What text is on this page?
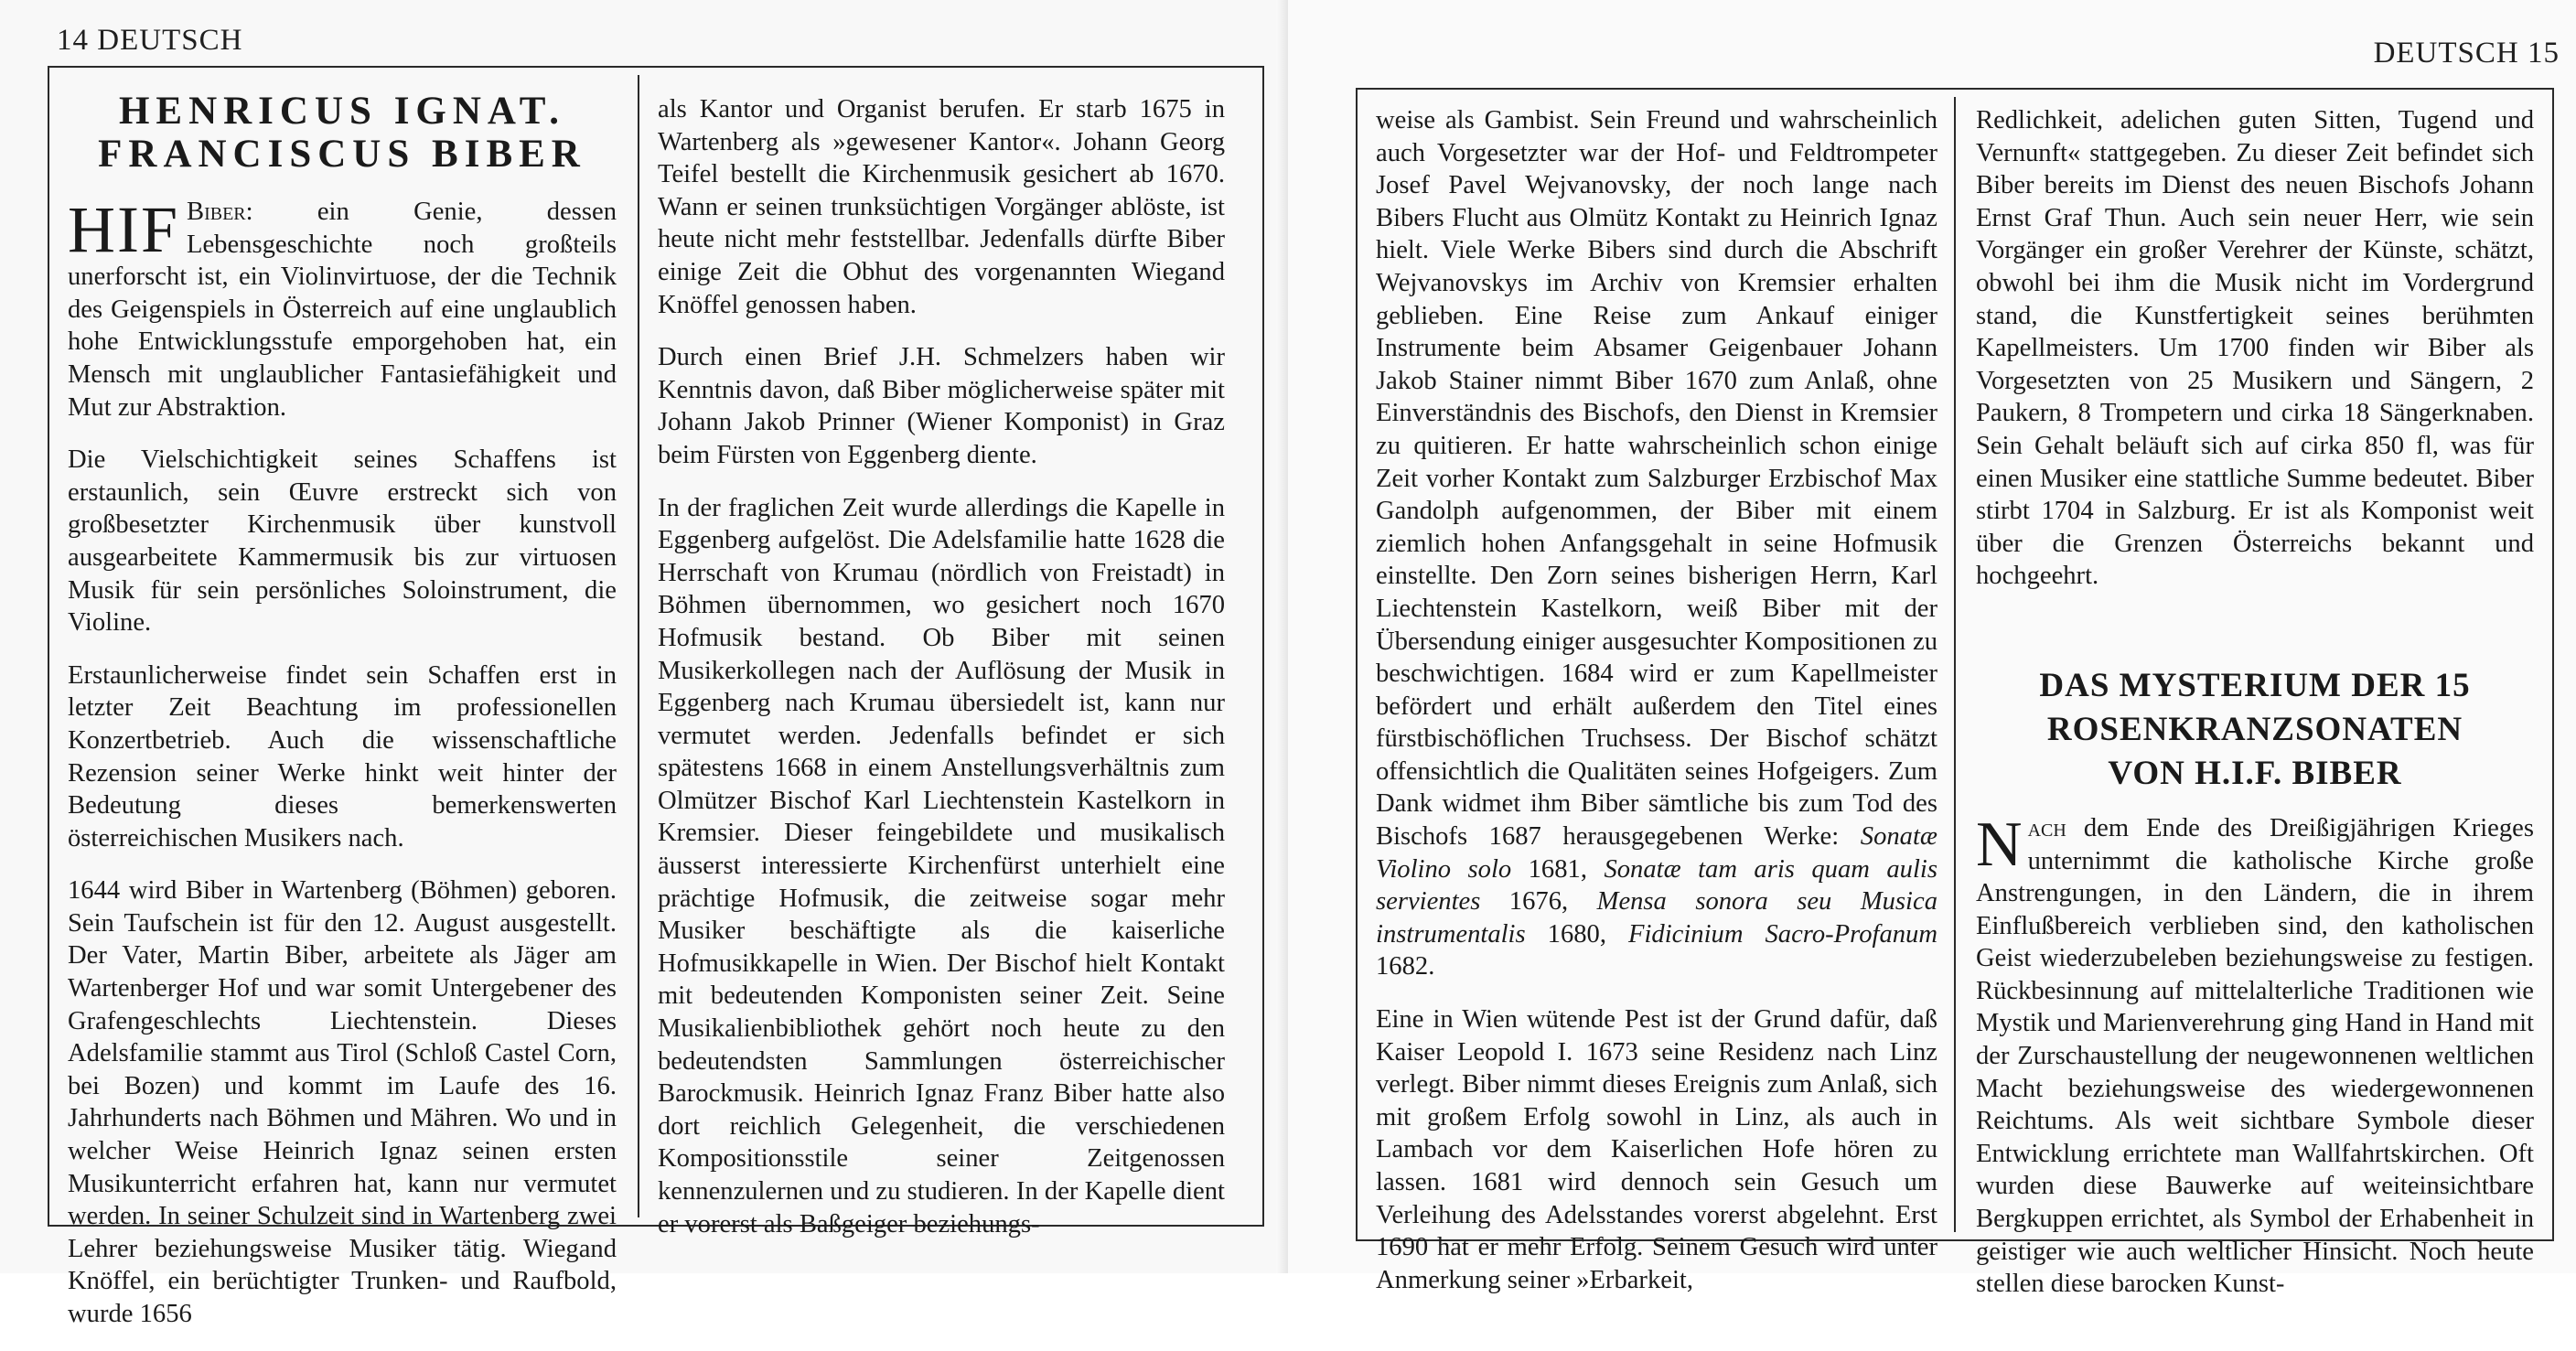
14 DEUTSCH
HENRICUS IGNAT.
FRANCISCUS BIBER

HIF Biber: ein Genie, dessen Lebensgeschichte noch großteils unerforscht ist, ein Violinvirtuose, der die Technik des Geigenspiels in Österreich auf eine unglaublich hohe Entwicklungsstufe emporgehoben hat, ein Mensch mit unglaublicher Fantasiefähigkeit und Mut zur Abstraktion.

Die Vielschichtigkeit seines Schaffens ist erstaunlich, sein Œuvre erstreckt sich von großbesetzter Kirchenmusik über kunstvoll ausgearbeitete Kammermusik bis zur virtuosen Musik für sein persönliches Soloinstrument, die Violine.

Erstaunlicherweise findet sein Schaffen erst in letzter Zeit Beachtung im professionellen Konzertbetrieb. Auch die wissenschaftliche Rezension seiner Werke hinkt weit hinter der Bedeutung dieses bemerkenswerten österreichischen Musikers nach.

1644 wird Biber in Wartenberg (Böhmen) geboren. Sein Taufschein ist für den 12. August ausgestellt. Der Vater, Martin Biber, arbeitete als Jäger am Wartenberger Hof und war somit Untergebener des Grafengeschlechts Liechtenstein. Dieses Adelsfamilie stammt aus Tirol (Schloß Castel Corn, bei Bozen) und kommt im Laufe des 16. Jahrhunderts nach Böhmen und Mähren. Wo und in welcher Weise Heinrich Ignaz seinen ersten Musikunterricht erfahren hat, kann nur vermutet werden. In seiner Schulzeit sind in Wartenberg zwei Lehrer beziehungsweise Musiker tätig. Wiegand Knöffel, ein berüchtigter Trunken- und Raufbold, wurde 1656

als Kantor und Organist berufen. Er starb 1675 in Wartenberg als »gewesener Kantor«. Johann Georg Teifel bestellt die Kirchenmusik gesichert ab 1670. Wann er seinen trunksüchtigen Vorgänger ablöste, ist heute nicht mehr feststellbar. Jedenfalls dürfte Biber einige Zeit die Obhut des vorgenannten Wiegand Knöffel genossen haben.

Durch einen Brief J.H. Schmelzers haben wir Kenntnis davon, daß Biber möglicherweise später mit Johann Jakob Prinner (Wiener Komponist) in Graz beim Fürsten von Eggenberg diente.

In der fraglichen Zeit wurde allerdings die Kapelle in Eggenberg aufgelöst. Die Adelsfamilie hatte 1628 die Herrschaft von Krumau (nördlich von Freistadt) in Böhmen übernommen, wo gesichert noch 1670 Hofmusik bestand. Ob Biber mit seinen Musikerkollegen nach der Auflösung der Musik in Eggenberg nach Krumau übersiedelt ist, kann nur vermutet werden. Jedenfalls befindet er sich spätestens 1668 in einem Anstellungsverhältnis zum Olmützer Bischof Karl Liechtenstein Kastelkorn in Kremsier. Dieser feingebildete und musikalisch äusserst interessierte Kirchenfürst unterhielt eine prächtige Hofmusik, die zeitweise sogar mehr Musiker beschäftigte als die kaiserliche Hofmusikkapelle in Wien. Der Bischof hielt Kontakt mit bedeutenden Komponisten seiner Zeit. Seine Musikalienbibliothek gehört noch heute zu den bedeutendsten Sammlungen österreichischer Barockmusik. Heinrich Ignaz Franz Biber hatte also dort reichlich Gelegenheit, die verschiedenen Kompositionsstile seiner Zeitgenossen kennenzulernen und zu studieren. In der Kapelle dient er vorerst als Baßgeiger beziehungs-

DEUTSCH 15

weise als Gambist. Sein Freund und wahrscheinlich auch Vorgesetzter war der Hof- und Feldtrompeter Josef Pavel Wejvanovsky, der noch lange nach Bibers Flucht aus Olmütz Kontakt zu Heinrich Ignaz hielt. Viele Werke Bibers sind durch die Abschrift Wejvanovskys im Archiv von Kremsier erhalten geblieben. Eine Reise zum Ankauf einiger Instrumente beim Absamer Geigenbauer Johann Jakob Stainer nimmt Biber 1670 zum Anlaß, ohne Einverständnis des Bischofs, den Dienst in Kremsier zu quitieren. Er hatte wahrscheinlich schon einige Zeit vorher Kontakt zum Salzburger Erzbischof Max Gandolph aufgenommen, der Biber mit einem ziemlich hohen Anfangsgehalt in seine Hofmusik einstellte. Den Zorn seines bisherigen Herrn, Karl Liechtenstein Kastelkorn, weiß Biber mit der Übersendung einiger ausgesuchter Kompositionen zu beschwichtigen. 1684 wird er zum Kapellmeister befördert und erhält außerdem den Titel eines fürstbischöflichen Truchsess. Der Bischof schätzt offensichtlich die Qualitäten seines Hofgeigers. Zum Dank widmet ihm Biber sämtliche bis zum Tod des Bischofs 1687 herausgegebenen Werke: Sonatæ Violino solo 1681, Sonatæ tam aris quam aulis servientes 1676, Mensa sonora seu Musica instrumentalis 1680, Fidicinium Sacro-Profanum 1682.

Eine in Wien wütende Pest ist der Grund dafür, daß Kaiser Leopold I. 1673 seine Residenz nach Linz verlegt. Biber nimmt dieses Ereignis zum Anlaß, sich mit großem Erfolg sowohl in Linz, als auch in Lambach vor dem Kaiserlichen Hofe hören zu lassen. 1681 wird dennoch sein Gesuch um Verleihung des Adelsstandes vorerst abgelehnt. Erst 1690 hat er mehr Erfolg. Seinem Gesuch wird unter Anmerkung seiner »Erbarkeit,

Redlichkeit, adelichen guten Sitten, Tugend und Vernunft« stattgegeben. Zu dieser Zeit befindet sich Biber bereits im Dienst des neuen Bischofs Johann Ernst Graf Thun. Auch sein neuer Herr, wie sein Vorgänger ein großer Verehrer der Künste, schätzt, obwohl bei ihm die Musik nicht im Vordergrund stand, die Kunstfertigkeit seines berühmten Kapellmeisters. Um 1700 finden wir Biber als Vorgesetzten von 25 Musikern und Sängern, 2 Paukern, 8 Trompetern und cirka 18 Sängerknaben. Sein Gehalt beläuft sich auf cirka 850 fl, was für einen Musiker eine stattliche Summe bedeutet. Biber stirbt 1704 in Salzburg. Er ist als Komponist weit über die Grenzen Österreichs bekannt und hochgeehrt.

DAS MYSTERIUM DER 15
ROSENKRANZSONATEN
VON H.I.F. BIBER

Nach dem Ende des Dreißigjährigen Krieges unternimmt die katholische Kirche große Anstrengungen, in den Ländern, die in ihrem Einflußbereich verblieben sind, den katholischen Geist wiederzubeleben beziehungsweise zu festigen. Rückbesinnung auf mittelalterliche Traditionen wie Mystik und Marienverehrung ging Hand in Hand mit der Zurschaustellung der neugewonnenen weltlichen Macht beziehungsweise des wiedergewonnenen Reichtums. Als weit sichtbare Symbole dieser Entwicklung errichtete man Wallfahrtskirchen. Oft wurden diese Bauwerke auf weiteinsichtbare Bergkuppen errichtet, als Symbol der Erhabenheit in geistiger wie auch weltlicher Hinsicht. Noch heute stellen diese barocken Kunst-
